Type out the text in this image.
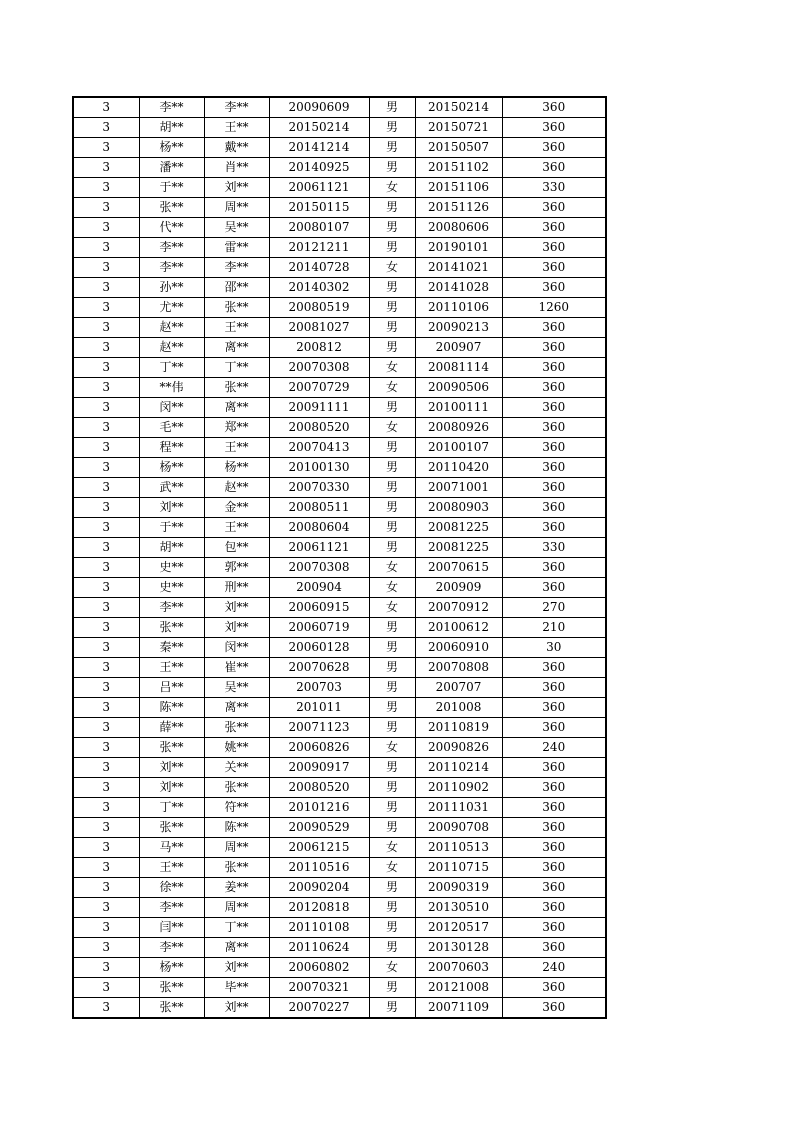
3	李**	李**	20090609	男	20150214	360
3	胡**	王**	20150214	男	20150721	360
3	杨**	戴**	20141214	男	20150507	360
3	潘**	肖**	20140925	男	20151102	360
3	于**	刘**	20061121	女	20151106	330
3	张**	周**	20150115	男	20151126	360
3	代**	吴**	20080107	男	20080606	360
3	李**	雷**	20121211	男	20190101	360
3	李**	李**	20140728	女	20141021	360
3	孙**	邵**	20140302	男	20141028	360
3	尤**	张**	20080519	男	20110106	1260
3	赵**	王**	20081027	男	20090213	360
3	赵**	离**	200812	男	200907	360
3	丁**	丁**	20070308	女	20081114	360
3	**伟	张**	20070729	女	20090506	360
3	闵**	离**	20091111	男	20100111	360
3	毛**	郑**	20080520	女	20080926	360
3	程**	王**	20070413	男	20100107	360
3	杨**	杨**	20100130	男	20110420	360
3	武**	赵**	20070330	男	20071001	360
3	刘**	金**	20080511	男	20080903	360
3	于**	王**	20080604	男	20081225	360
3	胡**	包**	20061121	男	20081225	330
3	史**	郭**	20070308	女	20070615	360
3	史**	刑**	200904	女	200909	360
3	李**	刘**	20060915	女	20070912	270
3	张**	刘**	20060719	男	20100612	210
3	秦**	闵**	20060128	男	20060910	30
3	王**	崔**	20070628	男	20070808	360
3	吕**	吴**	200703	男	200707	360
3	陈**	离**	201011	男	201008	360
3	薛**	张**	20071123	男	20110819	360
3	张**	姚**	20060826	女	20090826	240
3	刘**	关**	20090917	男	20110214	360
3	刘**	张**	20080520	男	20110902	360
3	丁**	符**	20101216	男	20111031	360
3	张**	陈**	20090529	男	20090708	360
3	马**	周**	20061215	女	20110513	360
3	王**	张**	20110516	女	20110715	360
3	徐**	姜**	20090204	男	20090319	360
3	李**	周**	20120818	男	20130510	360
3	闫**	丁**	20110108	男	20120517	360
3	李**	离**	20110624	男	20130128	360
3	杨**	刘**	20060802	女	20070603	240
3	张**	毕**	20070321	男	20121008	360
3	张**	刘**	20070227	男	20071109	360
